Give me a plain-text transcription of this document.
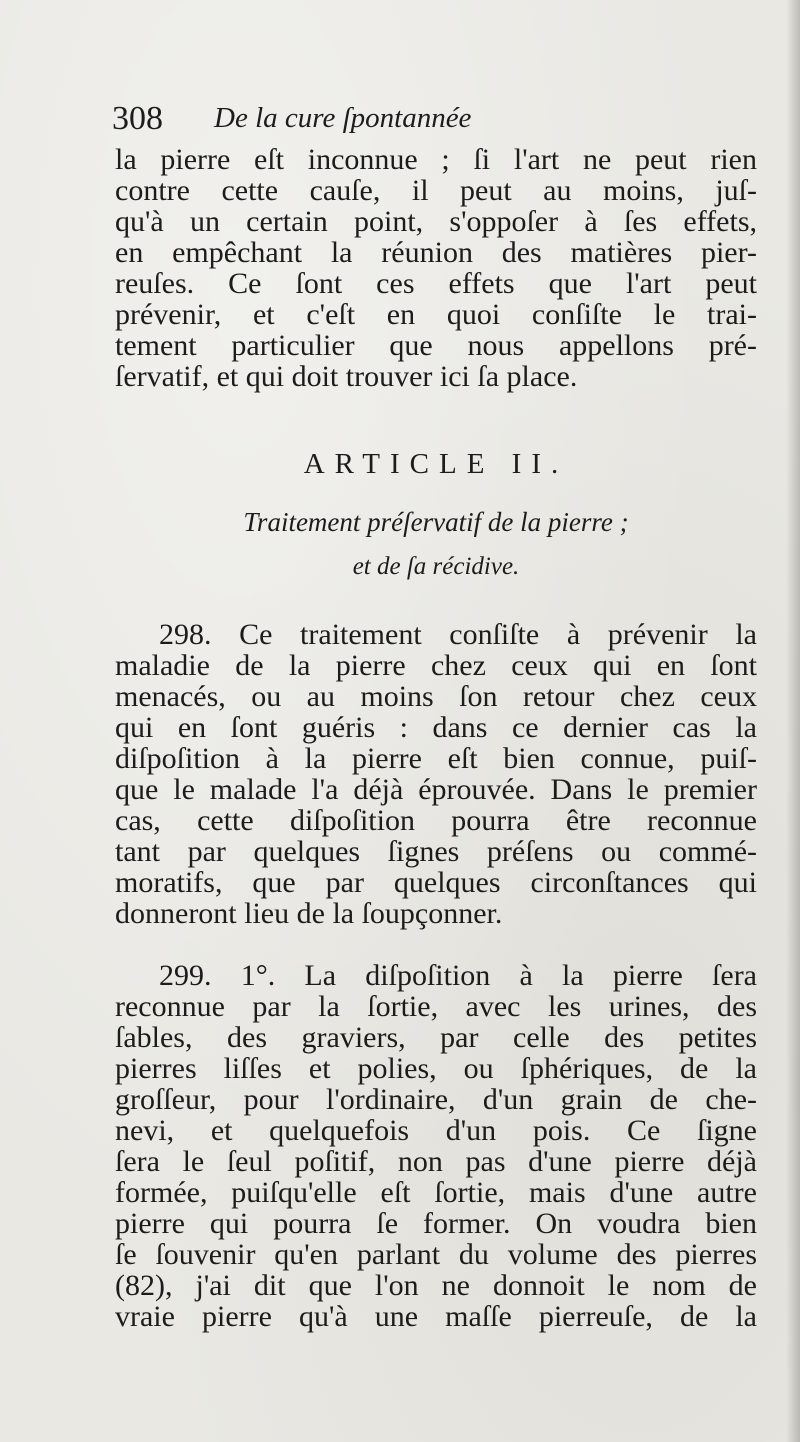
308 De la cure ſpontannée
la pierre eſt inconnue ; ſi l'art ne peut rien
contre cette cauſe, il peut au moins, juſ-
qu'à un certain point, s'oppoſer à ſes effets,
en empêchant la réunion des matières pier-
reuſes. Ce ſont ces effets que l'art peut
prévenir, et c'eſt en quoi conſiſte le trai-
tement particulier que nous appellons pré-
ſervatif, et qui doit trouver ici ſa place.
ARTICLE II.
Traitement préſervatif de la pierre ;
et de ſa récidive.
298. Ce traitement conſiſte à prévenir la
maladie de la pierre chez ceux qui en ſont
menacés, ou au moins ſon retour chez ceux
qui en ſont guéris : dans ce dernier cas la
diſpoſition à la pierre eſt bien connue, puiſ-
que le malade l'a déjà éprouvée. Dans le premier
cas, cette diſpoſition pourra être reconnue
tant par quelques ſignes préſens ou commé-
moratifs, que par quelques circonſtances qui
donneront lieu de la ſoupçonner.
299. 1°. La diſpoſition à la pierre ſera
reconnue par la ſortie, avec les urines, des
ſables, des graviers, par celle des petites
pierres liſſes et polies, ou ſphériques, de la
groſſeur, pour l'ordinaire, d'un grain de che-
nevi, et quelquefois d'un pois. Ce ſigne
ſera le ſeul poſitif, non pas d'une pierre déjà
formée, puiſqu'elle eſt ſortie, mais d'une autre
pierre qui pourra ſe former. On voudra bien
ſe ſouvenir qu'en parlant du volume des pierres
(82), j'ai dit que l'on ne donnoit le nom de
vraie pierre qu'à une maſſe pierreuſe, de la
